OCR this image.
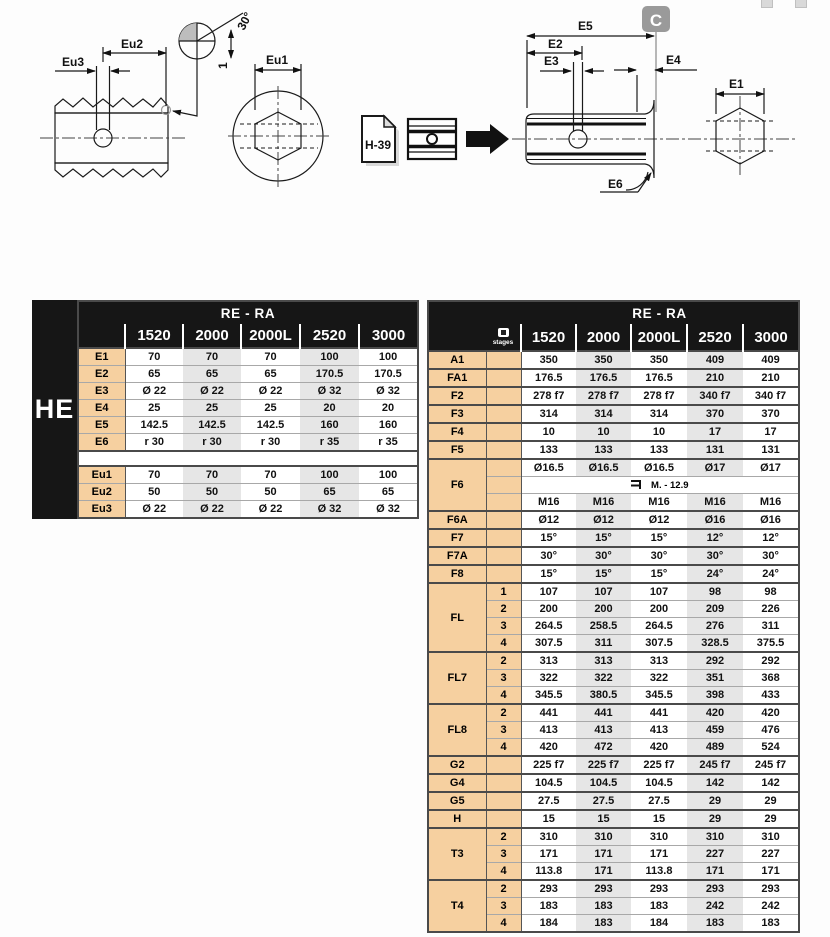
Eu2
Eu3
30°
1	Eu1
H-39
C
E5
E2
E3	E4
E6
E1
HE
RE - RA					
	1520	2000	2000L	2520	3000
E1	70	70	70	100	100
E2	65	65	65	170.5	170.5
E3	Ø 22	Ø 22	Ø 22	Ø 32	Ø 32
E4	25	25	25	20	20
E5	142.5	142.5	142.5	160	160
E6	r 30	r 30	r 30	r 35	r 35

Eu1	70	70	70	100	100
Eu2	50	50	50	65	65
Eu3	Ø 22	Ø 22	Ø 22	Ø 32	Ø 32
		RE - RA				

stages	1520	2000	2000L	2520	3000
A1		350	350	350	409	409
FA1		176.5	176.5	176.5	210	210
F2		278 f7	278 f7	278 f7	340 f7	340 f7
F3		314	314	314	370	370
F4		10	10	10	17	17
F5		133	133	133	131	131
F6		Ø16.5	Ø16.5	Ø16.5	Ø17	Ø17
		M. - 12.9				
		M16	M16	M16	M16	M16
F6A		Ø12	Ø12	Ø12	Ø16	Ø16
F7		15°	15°	15°	12°	12°
F7A		30°	30°	30°	30°	30°
F8		15°	15°	15°	24°	24°
FL	1	107	107	107	98	98
	2	200	200	200	209	226
	3	264.5	258.5	264.5	276	311
	4	307.5	311	307.5	328.5	375.5
FL7	2	313	313	313	292	292
	3	322	322	322	351	368
	4	345.5	380.5	345.5	398	433
FL8	2	441	441	441	420	420
	3	413	413	413	459	476
	4	420	472	420	489	524
G2		225 f7	225 f7	225 f7	245 f7	245 f7
G4		104.5	104.5	104.5	142	142
G5		27.5	27.5	27.5	29	29
H		15	15	15	29	29
T3	2	310	310	310	310	310
	3	171	171	171	227	227
	4	113.8	171	113.8	171	171
T4	2	293	293	293	293	293
	3	183	183	183	242	242
	4	184	183	184	183	183
